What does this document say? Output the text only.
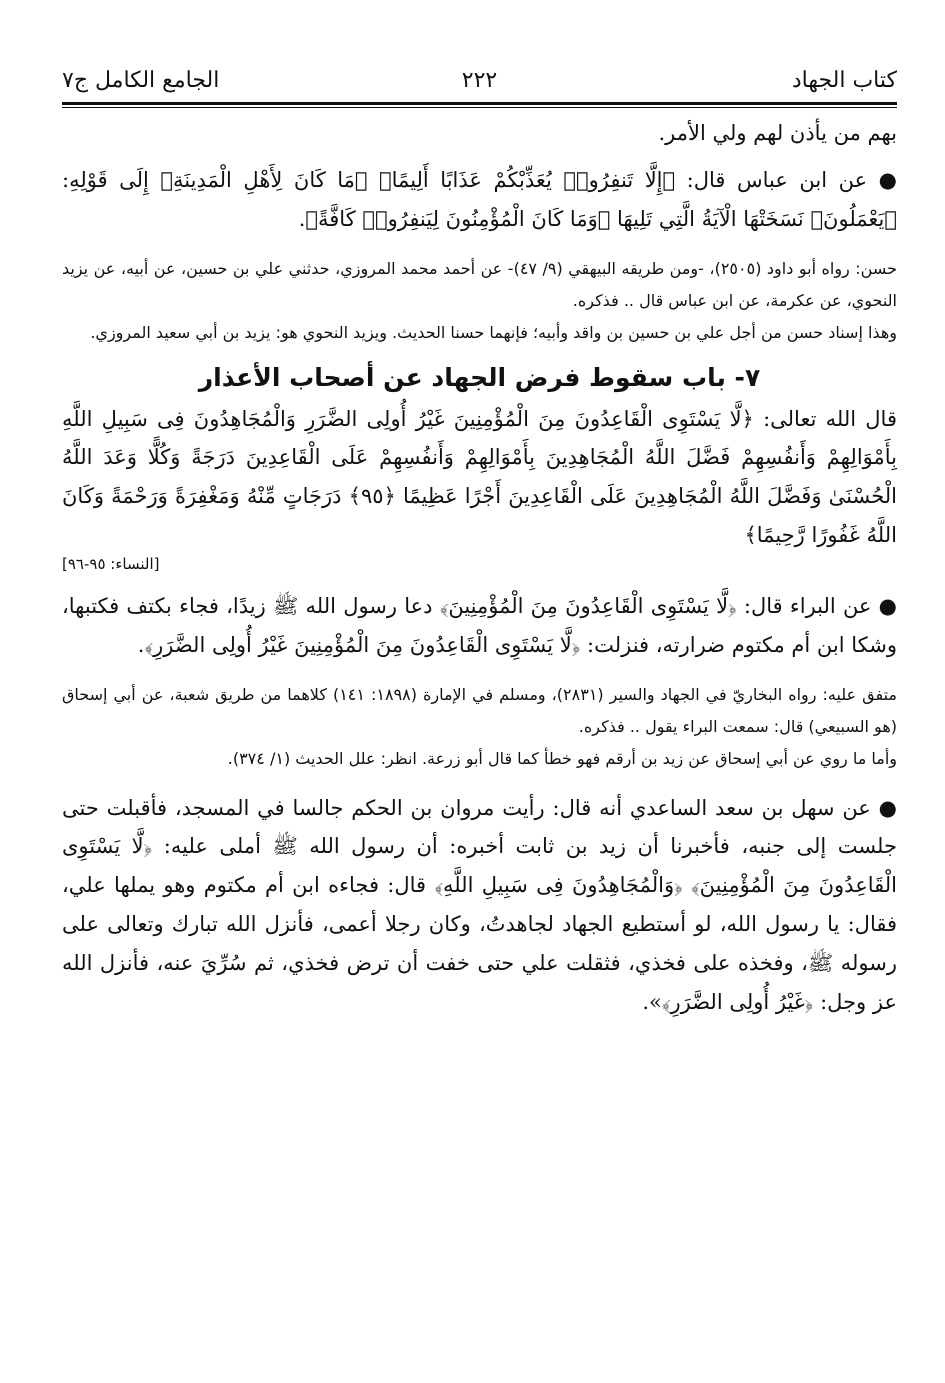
كتاب الجهاد
٢٢٢
الجامع الكامل ج٧

بهم من يأذن لهم ولي الأمر.

● عن ابن عباس قال: ﴿إِلَّا تَنفِرُوا۟ يُعَذِّبْكُمْ عَذَابًا أَلِيمًا﴾ ﴿مَا كَانَ لِأَهْلِ الْمَدِينَةِ﴾ إِلَى قَوْلِهِ: ﴿يَعْمَلُونَ﴾ نَسَخَتْهَا الْآيَةُ الَّتِي تَلِيهَا ﴿وَمَا كَانَ الْمُؤْمِنُونَ لِيَنفِرُوا۟ كَافَّةً﴾.

حسن: رواه أبو داود (٢٥٠٥)، -ومن طريقه البيهقي (٩/ ٤٧)- عن أحمد محمد المروزي، حدثني علي بن حسين، عن أبيه، عن يزيد النحوي، عن عكرمة، عن ابن عباس قال .. فذكره.

وهذا إسناد حسن من أجل علي بن حسين بن واقد وأبيه؛ فإنهما حسنا الحديث. ويزيد النحوي هو: يزيد بن أبي سعيد المروزي.

٧- باب سقوط فرض الجهاد عن أصحاب الأعذار

قال الله تعالى: ﴿لَّا يَسْتَوِى الْقَاعِدُونَ مِنَ الْمُؤْمِنِينَ غَيْرُ أُولِى الضَّرَرِ وَالْمُجَاهِدُونَ فِى سَبِيلِ اللَّهِ بِأَمْوَالِهِمْ وَأَنفُسِهِمْ فَضَّلَ اللَّهُ الْمُجَاهِدِينَ بِأَمْوَالِهِمْ وَأَنفُسِهِمْ عَلَى الْقَاعِدِينَ دَرَجَةً وَكُلًّا وَعَدَ اللَّهُ الْحُسْنَىٰ وَفَضَّلَ اللَّهُ الْمُجَاهِدِينَ عَلَى الْقَاعِدِينَ أَجْرًا عَظِيمًا ﴿٩٥﴾ دَرَجَاتٍ مِّنْهُ وَمَغْفِرَةً وَرَحْمَةً وَكَانَ اللَّهُ غَفُورًا رَّحِيمًا﴾

[النساء: ٩٥-٩٦]

● عن البراء قال: ﴿لَّا يَسْتَوِى الْقَاعِدُونَ مِنَ الْمُؤْمِنِينَ﴾ دعا رسول الله ﷺ زيدًا، فجاء بكتف فكتبها، وشكا ابن أم مكتوم ضرارته، فنزلت: ﴿لَّا يَسْتَوِى الْقَاعِدُونَ مِنَ الْمُؤْمِنِينَ غَيْرُ أُولِى الضَّرَرِ﴾.

متفق عليه: رواه البخاريّ في الجهاد والسير (٢٨٣١)، ومسلم في الإمارة (١٨٩٨: ١٤١) كلاهما من طريق شعبة، عن أبي إسحاق (هو السبيعي) قال: سمعت البراء يقول .. فذكره.

وأما ما روي عن أبي إسحاق عن زيد بن أرقم فهو خطأ كما قال أبو زرعة. انظر: علل الحديث (١/ ٣٧٤).

● عن سهل بن سعد الساعدي أنه قال: رأيت مروان بن الحكم جالسا في المسجد، فأقبلت حتى جلست إلى جنبه، فأخبرنا أن زيد بن ثابت أخبره: أن رسول الله ﷺ أملى عليه: ﴿لَّا يَسْتَوِى الْقَاعِدُونَ مِنَ الْمُؤْمِنِينَ﴾ ﴿وَالْمُجَاهِدُونَ فِى سَبِيلِ اللَّهِ﴾ قال: فجاءه ابن أم مكتوم وهو يملها علي، فقال: يا رسول الله، لو أستطيع الجهاد لجاهدتُ، وكان رجلا أعمى، فأنزل الله تبارك وتعالى على رسوله ﷺ، وفخذه على فخذي، فثقلت علي حتى خفت أن ترض فخذي، ثم سُرِّيَ عنه، فأنزل الله عز وجل: ﴿غَيْرُ أُولِى الضَّرَرِ﴾».
